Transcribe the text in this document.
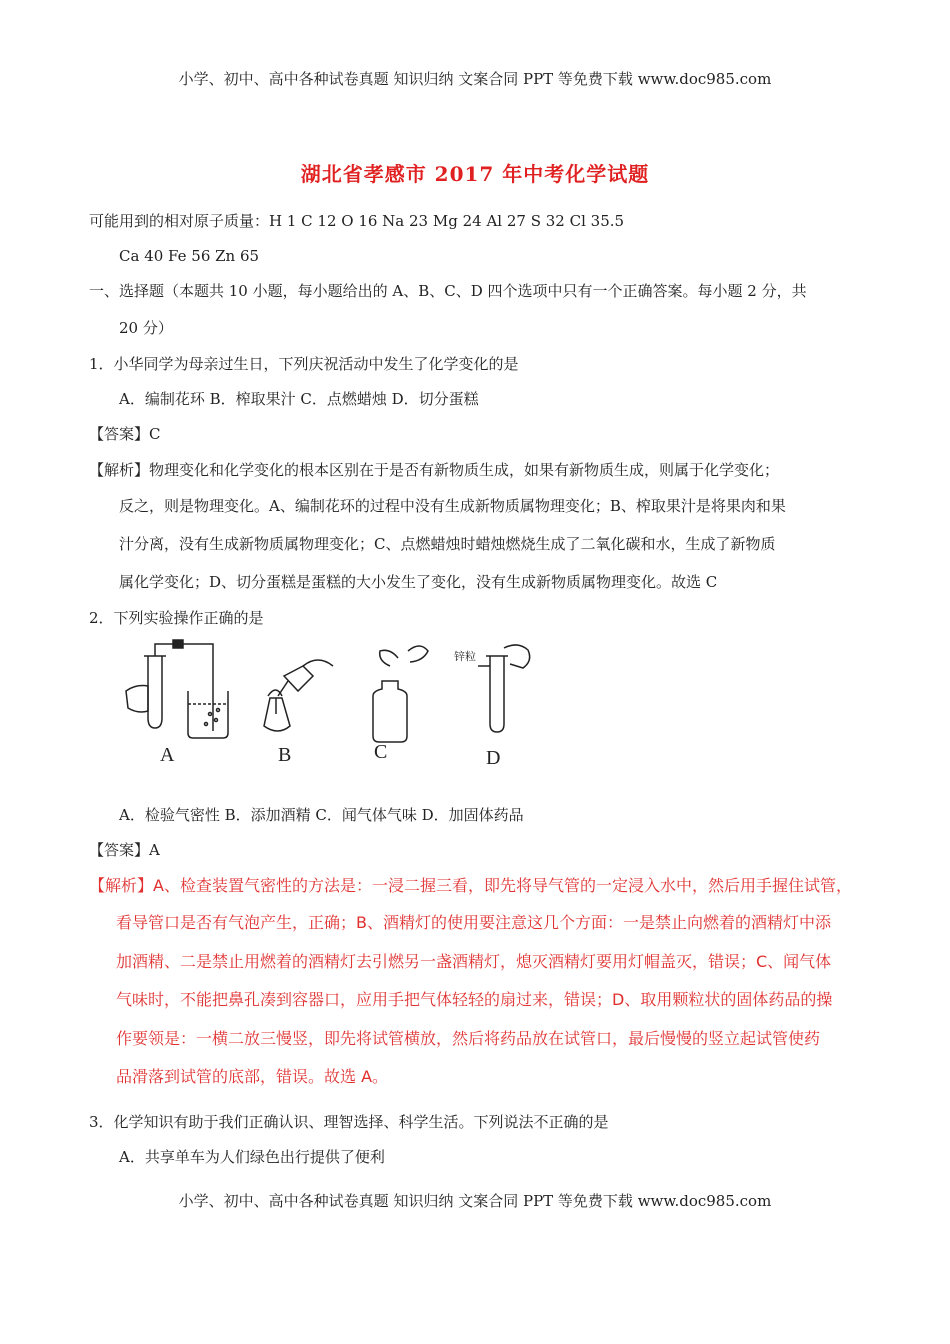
小学、初中、高中各种试卷真题 知识归纳 文案合同 PPT 等免费下载 www.doc985.com
湖北省孝感市 2017 年中考化学试题
可能用到的相对原子质量：H 1 C 12 O 16 Na 23 Mg 24 Al 27 S 32 Cl 35.5
Ca 40 Fe 56 Zn 65
一、选择题（本题共 10 小题，每小题给出的 A、B、C、D 四个选项中只有一个正确答案。每小题 2 分，共
20 分）
1．小华同学为母亲过生日，下列庆祝活动中发生了化学变化的是
A．编制花环 B．榨取果汁 C．点燃蜡烛 D．切分蛋糕
【答案】C
【解析】物理变化和化学变化的根本区别在于是否有新物质生成，如果有新物质生成，则属于化学变化；
反之，则是物理变化。A、编制花环的过程中没有生成新物质属物理变化；B、榨取果汁是将果肉和果
汁分离，没有生成新物质属物理变化；C、点燃蜡烛时蜡烛燃烧生成了二氧化碳和水，生成了新物质
属化学变化；D、切分蛋糕是蛋糕的大小发生了变化，没有生成新物质属物理变化。故选 C
2．下列实验操作正确的是
A	B	C
锌粒
D
A．检验气密性 B．添加酒精 C．闻气体气味 D．加固体药品
【答案】A
【解析】A、检查装置气密性的方法是：一浸二握三看，即先将导气管的一定浸入水中，然后用手握住试管，
看导管口是否有气泡产生，正确；B、酒精灯的使用要注意这几个方面：一是禁止向燃着的酒精灯中添
加酒精、二是禁止用燃着的酒精灯去引燃另一盏酒精灯，熄灭酒精灯要用灯帽盖灭，错误；C、闻气体
气味时，不能把鼻孔凑到容器口，应用手把气体轻轻的扇过来，错误；D、取用颗粒状的固体药品的操
作要领是：一横二放三慢竖，即先将试管横放，然后将药品放在试管口，最后慢慢的竖立起试管使药
品滑落到试管的底部，错误。故选 A。
3．化学知识有助于我们正确认识、理智选择、科学生活。下列说法不正确的是
A．共享单车为人们绿色出行提供了便利
小学、初中、高中各种试卷真题 知识归纳 文案合同 PPT 等免费下载 www.doc985.com
